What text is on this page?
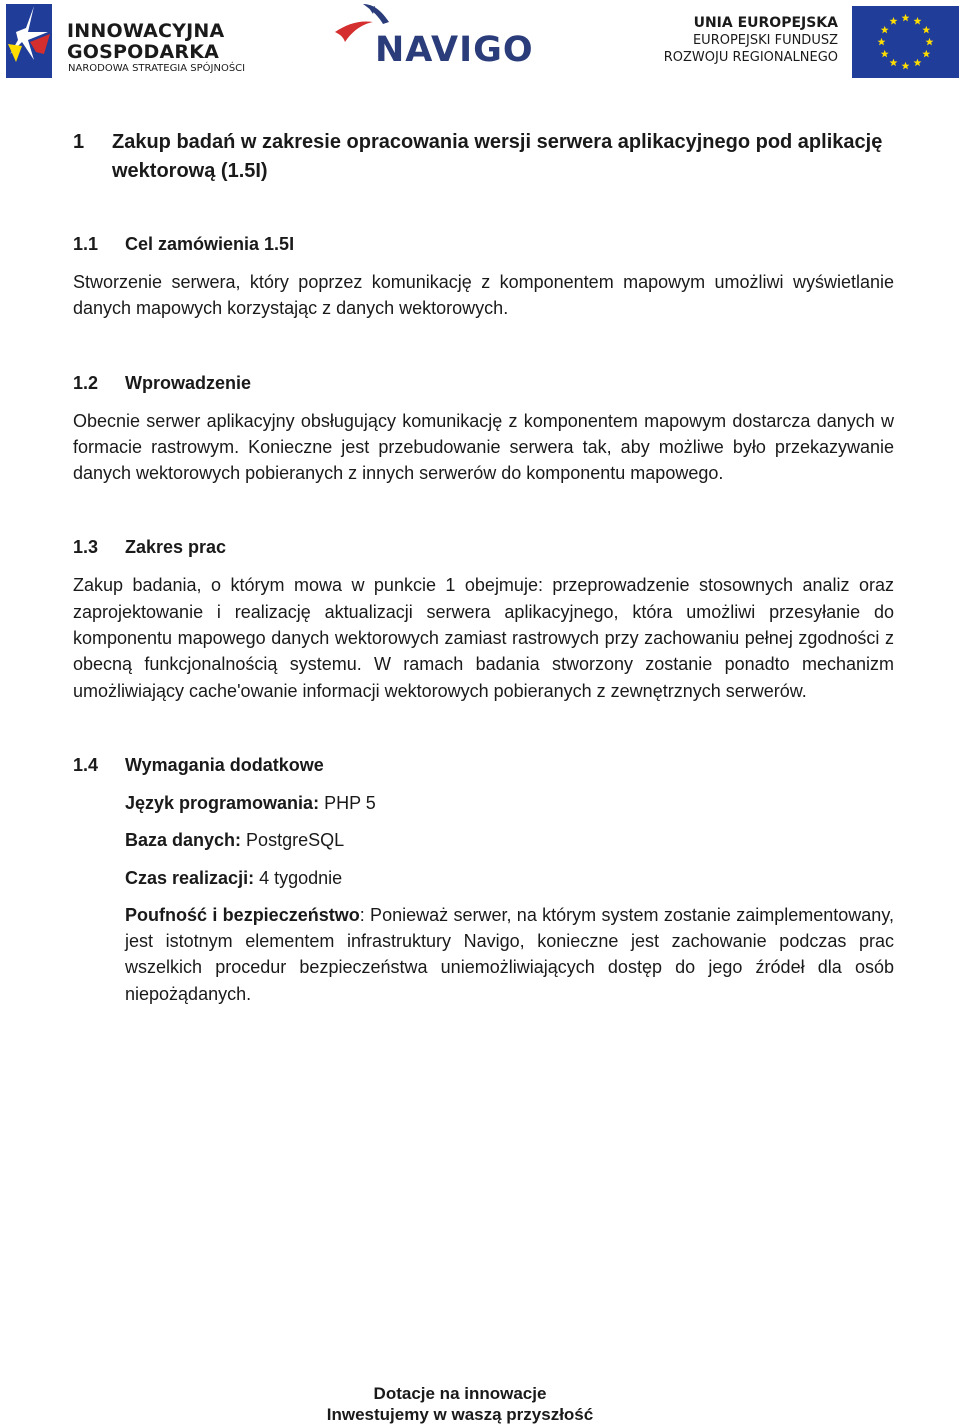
INNOWACYJNA
GOSPODARKA
NARODOWA STRATEGIA SPÓJNOŚCI	NAVIGO
UNIA EUROPEJSKA
EUROPEJSKI FUNDUSZ
ROZWOJU REGIONALNEGO
1	Zakup badań w zakresie opracowania wersji serwera aplikacyjnego pod aplikację wektorową (1.5I)
1.1	Cel zamówienia 1.5I

Stworzenie serwera, który poprzez komunikację z komponentem mapowym umożliwi wyświetlanie danych mapowych korzystając z danych wektorowych.

1.2	Wprowadzenie

Obecnie serwer aplikacyjny obsługujący komunikację z komponentem mapowym dostarcza danych w formacie rastrowym. Konieczne jest przebudowanie serwera tak, aby możliwe było przekazywanie danych wektorowych pobieranych z innych serwerów do komponentu mapowego.

1.3	Zakres prac

Zakup badania, o którym mowa w punkcie 1 obejmuje: przeprowadzenie stosownych analiz oraz zaprojektowanie i realizację aktualizacji serwera aplikacyjnego, która umożliwi przesyłanie do komponentu mapowego danych wektorowych zamiast rastrowych przy zachowaniu pełnej zgodności z obecną funkcjonalnością systemu. W ramach badania stworzony zostanie ponadto mechanizm umożliwiający cache'owanie informacji wektorowych pobieranych z zewnętrznych serwerów.

1.4	Wymagania dodatkowe

Język programowania: PHP 5

Baza danych: PostgreSQL

Czas realizacji: 4 tygodnie

Poufność i bezpieczeństwo: Ponieważ serwer, na którym system zostanie zaimplementowany, jest istotnym elementem infrastruktury Navigo, konieczne jest zachowanie podczas prac wszelkich procedur bezpieczeństwa uniemożliwiających dostęp do jego źródeł dla osób niepożądanych.

Dotacje na innowacje
Inwestujemy w waszą przyszłość
